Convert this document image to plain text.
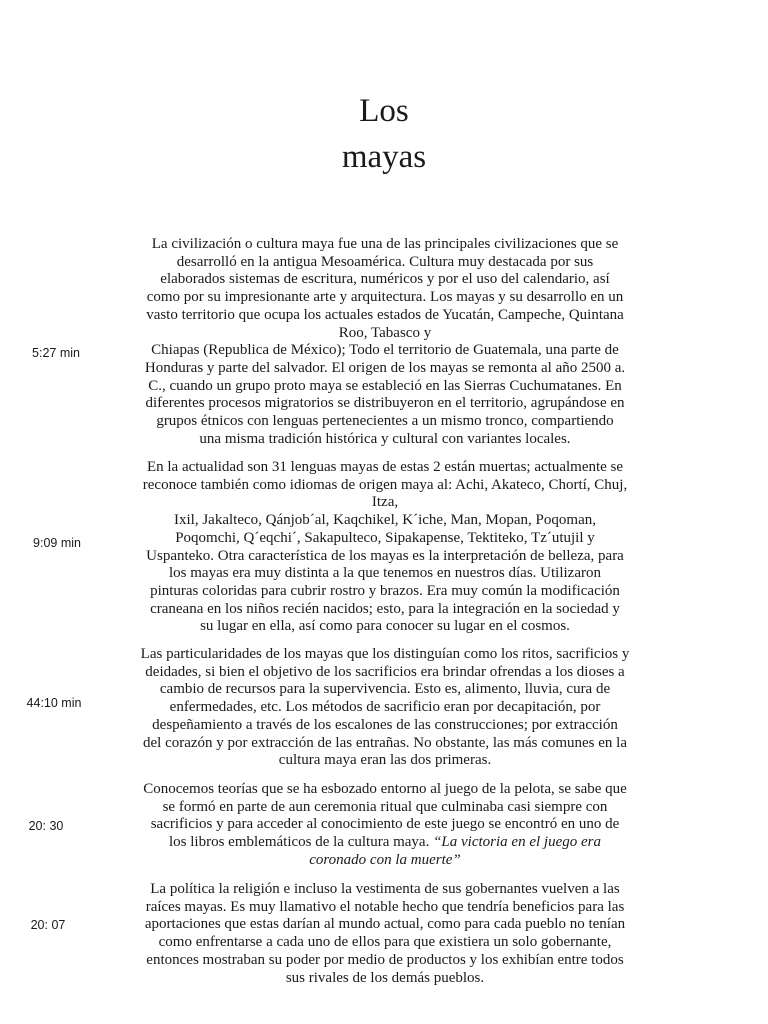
Los
mayas
La civilización o cultura maya fue una de las principales civilizaciones que se
desarrolló en la antigua Mesoamérica. Cultura muy destacada por sus
elaborados sistemas de escritura, numéricos y por el uso del calendario, así
como por su impresionante arte y arquitectura. Los mayas y su desarrollo en un
vasto territorio que ocupa los actuales estados de Yucatán, Campeche, Quintana
Roo, Tabasco y
Chiapas (Republica de México); Todo el territorio de Guatemala, una parte de
Honduras y parte del salvador. El origen de los mayas se remonta al año 2500 a.
C., cuando un grupo proto maya se estableció en las Sierras Cuchumatanes. En
diferentes procesos migratorios se distribuyeron en el territorio, agrupándose en
grupos étnicos con lenguas pertenecientes a un mismo tronco, compartiendo
una misma tradición histórica y cultural con variantes locales.
5:27 min
En la actualidad son 31 lenguas mayas de estas 2 están muertas; actualmente se
reconoce también como idiomas de origen maya al: Achi, Akateco, Chortí, Chuj,
Itza,
Ixil, Jakalteco, Qánjob´al, Kaqchikel, K´iche, Man, Mopan, Poqoman,
Poqomchi, Q´eqchi´, Sakapulteco, Sipakapense, Tektiteko, Tz´utujil y
Uspanteko. Otra característica de los mayas es la interpretación de belleza, para
los mayas era muy distinta a la que tenemos en nuestros días. Utilizaron
pinturas coloridas para cubrir rostro y brazos. Era muy común la modificación
craneana en los niños recién nacidos; esto, para la integración en la sociedad y
su lugar en ella, así como para conocer su lugar en el cosmos.
9:09 min
Las particularidades de los mayas que los distinguían como los ritos, sacrificios y
deidades, si bien el objetivo de los sacrificios era brindar ofrendas a los dioses a
cambio de recursos para la supervivencia. Esto es, alimento, lluvia, cura de
enfermedades, etc. Los métodos de sacrificio eran por decapitación, por
despeñamiento a través de los escalones de las construcciones; por extracción
del corazón y por extracción de las entrañas. No obstante, las más comunes en la
cultura maya eran las dos primeras.
44:10 min
Conocemos teorías que se ha esbozado entorno al juego de la pelota, se sabe que
se formó en parte de aun ceremonia ritual que culminaba casi siempre con
sacrificios y para acceder al conocimiento de este juego se encontró en uno de
los libros emblemáticos de la cultura maya. “La victoria en el juego era
coronado con la muerte”
20: 30
La política la religión e incluso la vestimenta de sus gobernantes vuelven a las
raíces mayas. Es muy llamativo el notable hecho que tendría beneficios para las
aportaciones que estas darían al mundo actual, como para cada pueblo no tenían
como enfrentarse a cada uno de ellos para que existiera un solo gobernante,
entonces mostraban su poder por medio de productos y los exhibían entre todos
sus rivales de los demás pueblos.
20: 07
